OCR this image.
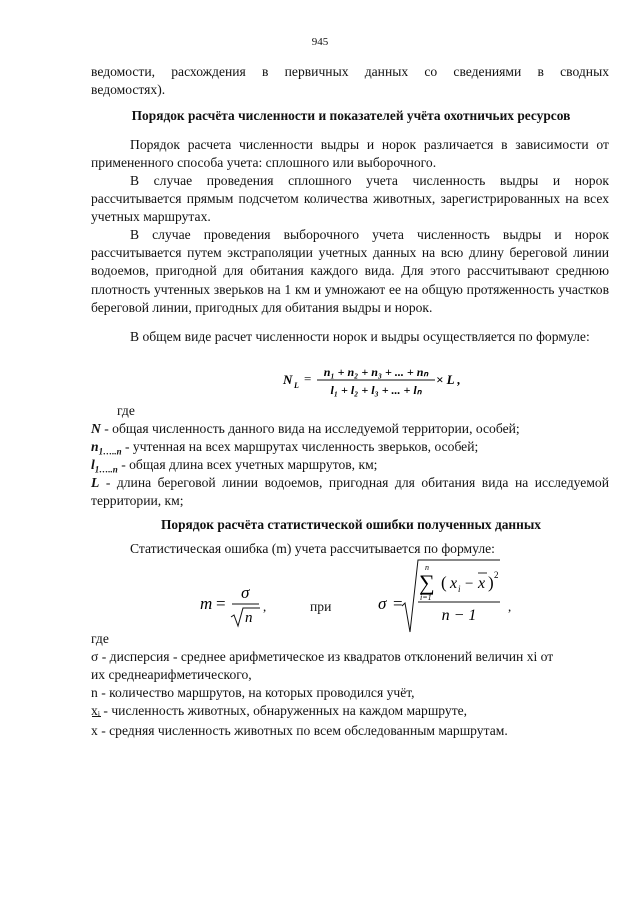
945
ведомости, расхождения в первичных данных со сведениями в сводных
ведомостях).
Порядок расчёта численности и показателей учёта охотничьих ресурсов
Порядок расчета численности выдры и норок различается в зависимости от примененного способа учета: сплошного или выборочного.
В случае проведения сплошного учета численность выдры и норок рассчитывается прямым подсчетом количества животных, зарегистрированных на всех учетных маршрутах.
В случае проведения выборочного учета численность выдры и норок рассчитывается путем экстраполяции учетных данных на всю длину береговой линии водоемов, пригодной для обитания каждого вида. Для этого рассчитывают среднюю плотность учтенных зверьков на 1 км и умножают ее на общую протяженность участков береговой линии, пригодных для обитания выдры и норок.
В общем виде расчет численности норок и выдры осуществляется по формуле:
N L = n₁ + n₂ + n₃ + ... + nₙ
l₁ + l₂ + l₃ + ... + lₙ
× L ,
где
N - общая численность данного вида на исследуемой территории, особей;
$n_{1\dots..n}$ - учтенная на всех маршрутах численность зверьков, особей;
$l_{1\dots..n}$ - общая длина всех учетных маршрутов, км;
L - длина береговой линии водоемов, пригодная для обитания вида на исследуемой территории, км;
Порядок расчёта статистической ошибки полученных данных
Статистическая ошибка (m) учета рассчитывается по формуле:
m =
σ
n
,	σ =
n
∑
i=1
( x i − x ) 2
n − 1
,
при
где
σ - дисперсия - среднее арифметическое из квадратов отклонений величин xi от
их среднеарифметического,
n - количество маршрутов, на которых проводился учёт,
xᵢ - численность животных, обнаруженных на каждом маршруте,
x - средняя численность животных по всем обследованным маршрутам.
